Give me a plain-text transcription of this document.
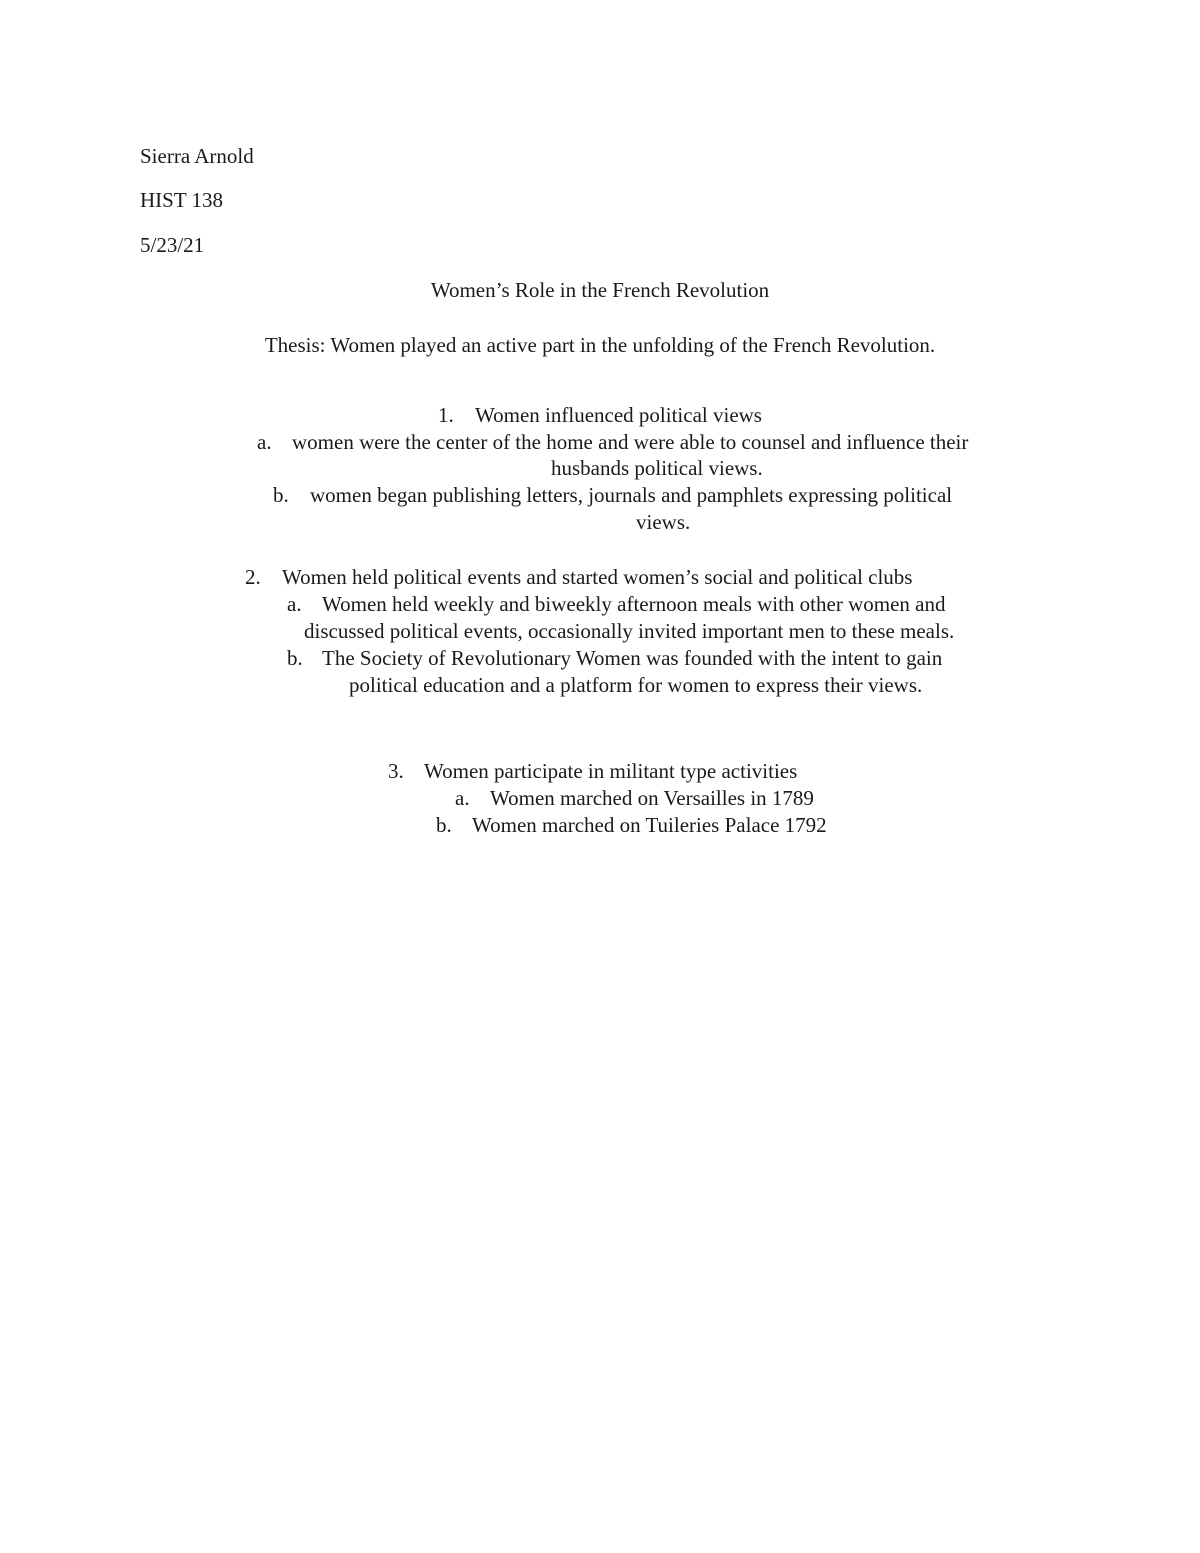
Sierra Arnold
HIST 138
5/23/21
Women’s Role in the French Revolution
Thesis: Women played an active part in the unfolding of the French Revolution.
1. Women influenced political views
a. women were the center of the home and were able to counsel and influence their
husbands political views.
b. women began publishing letters, journals and pamphlets expressing political
views.
2. Women held political events and started women’s social and political clubs
a. Women held weekly and biweekly afternoon meals with other women and
discussed political events, occasionally invited important men to these meals.
b. The Society of Revolutionary Women was founded with the intent to gain
political education and a platform for women to express their views.
3. Women participate in militant type activities
a. Women marched on Versailles in 1789
b. Women marched on Tuileries Palace 1792
